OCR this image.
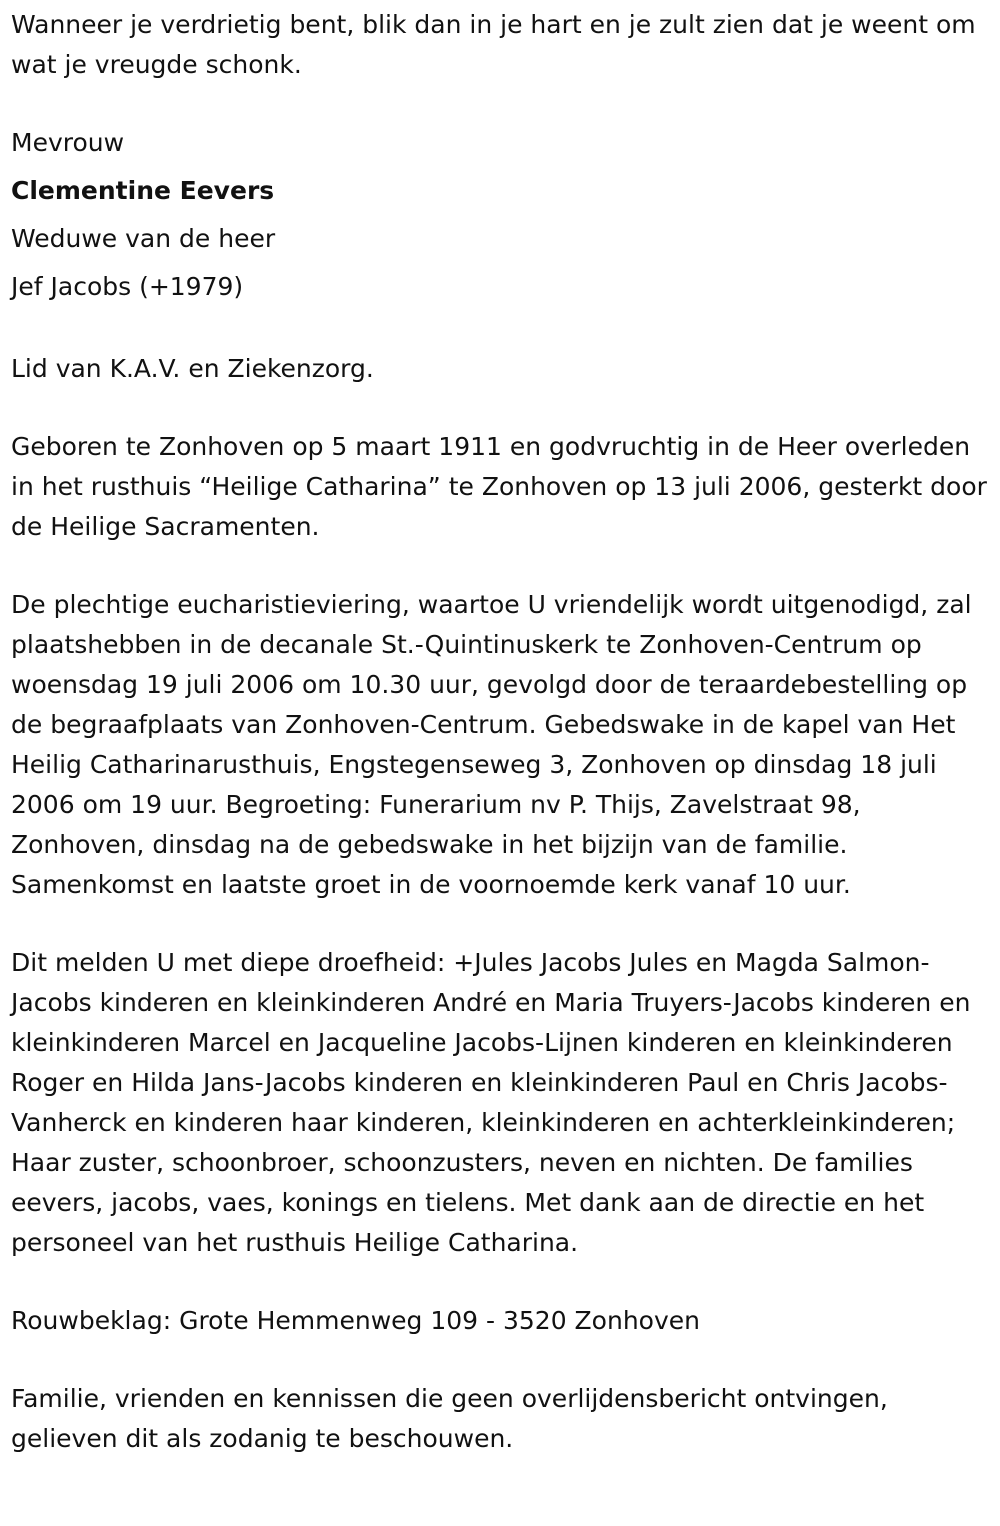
Wanneer je verdrietig bent, blik dan in je hart en je zult zien dat je weent om wat je vreugde schonk.

Mevrouw

Clementine Eevers

Weduwe van de heer

Jef Jacobs (+1979)

Lid van K.A.V. en Ziekenzorg.

Geboren te Zonhoven op 5 maart 1911 en godvruchtig in de Heer overleden in het rusthuis “Heilige Catharina” te Zonhoven op 13 juli 2006, gesterkt door de Heilige Sacramenten.

De plechtige eucharistieviering, waartoe U vriendelijk wordt uitgenodigd, zal plaatshebben in de decanale St.-Quintinuskerk te Zonhoven-Centrum op woensdag 19 juli 2006 om 10.30 uur, gevolgd door de teraardebestelling op de begraafplaats van Zonhoven-Centrum. Gebedswake in de kapel van Het Heilig Catharinarusthuis, Engstegenseweg 3, Zonhoven op dinsdag 18 juli 2006 om 19 uur. Begroeting: Funerarium nv P. Thijs, Zavelstraat 98, Zonhoven, dinsdag na de gebedswake in het bijzijn van de familie. Samenkomst en laatste groet in de voornoemde kerk vanaf 10 uur.

Dit melden U met diepe droefheid: +Jules Jacobs Jules en Magda Salmon-Jacobs kinderen en kleinkinderen André en Maria Truyers-Jacobs kinderen en kleinkinderen Marcel en Jacqueline Jacobs-Lijnen kinderen en kleinkinderen Roger en Hilda Jans-Jacobs kinderen en kleinkinderen Paul en Chris Jacobs-Vanherck en kinderen haar kinderen, kleinkinderen en achterkleinkinderen; Haar zuster, schoonbroer, schoonzusters, neven en nichten. De families eevers, jacobs, vaes, konings en tielens. Met dank aan de directie en het personeel van het rusthuis Heilige Catharina.

Rouwbeklag: Grote Hemmenweg 109 - 3520 Zonhoven

Familie, vrienden en kennissen die geen overlijdensbericht ontvingen, gelieven dit als zodanig te beschouwen.
